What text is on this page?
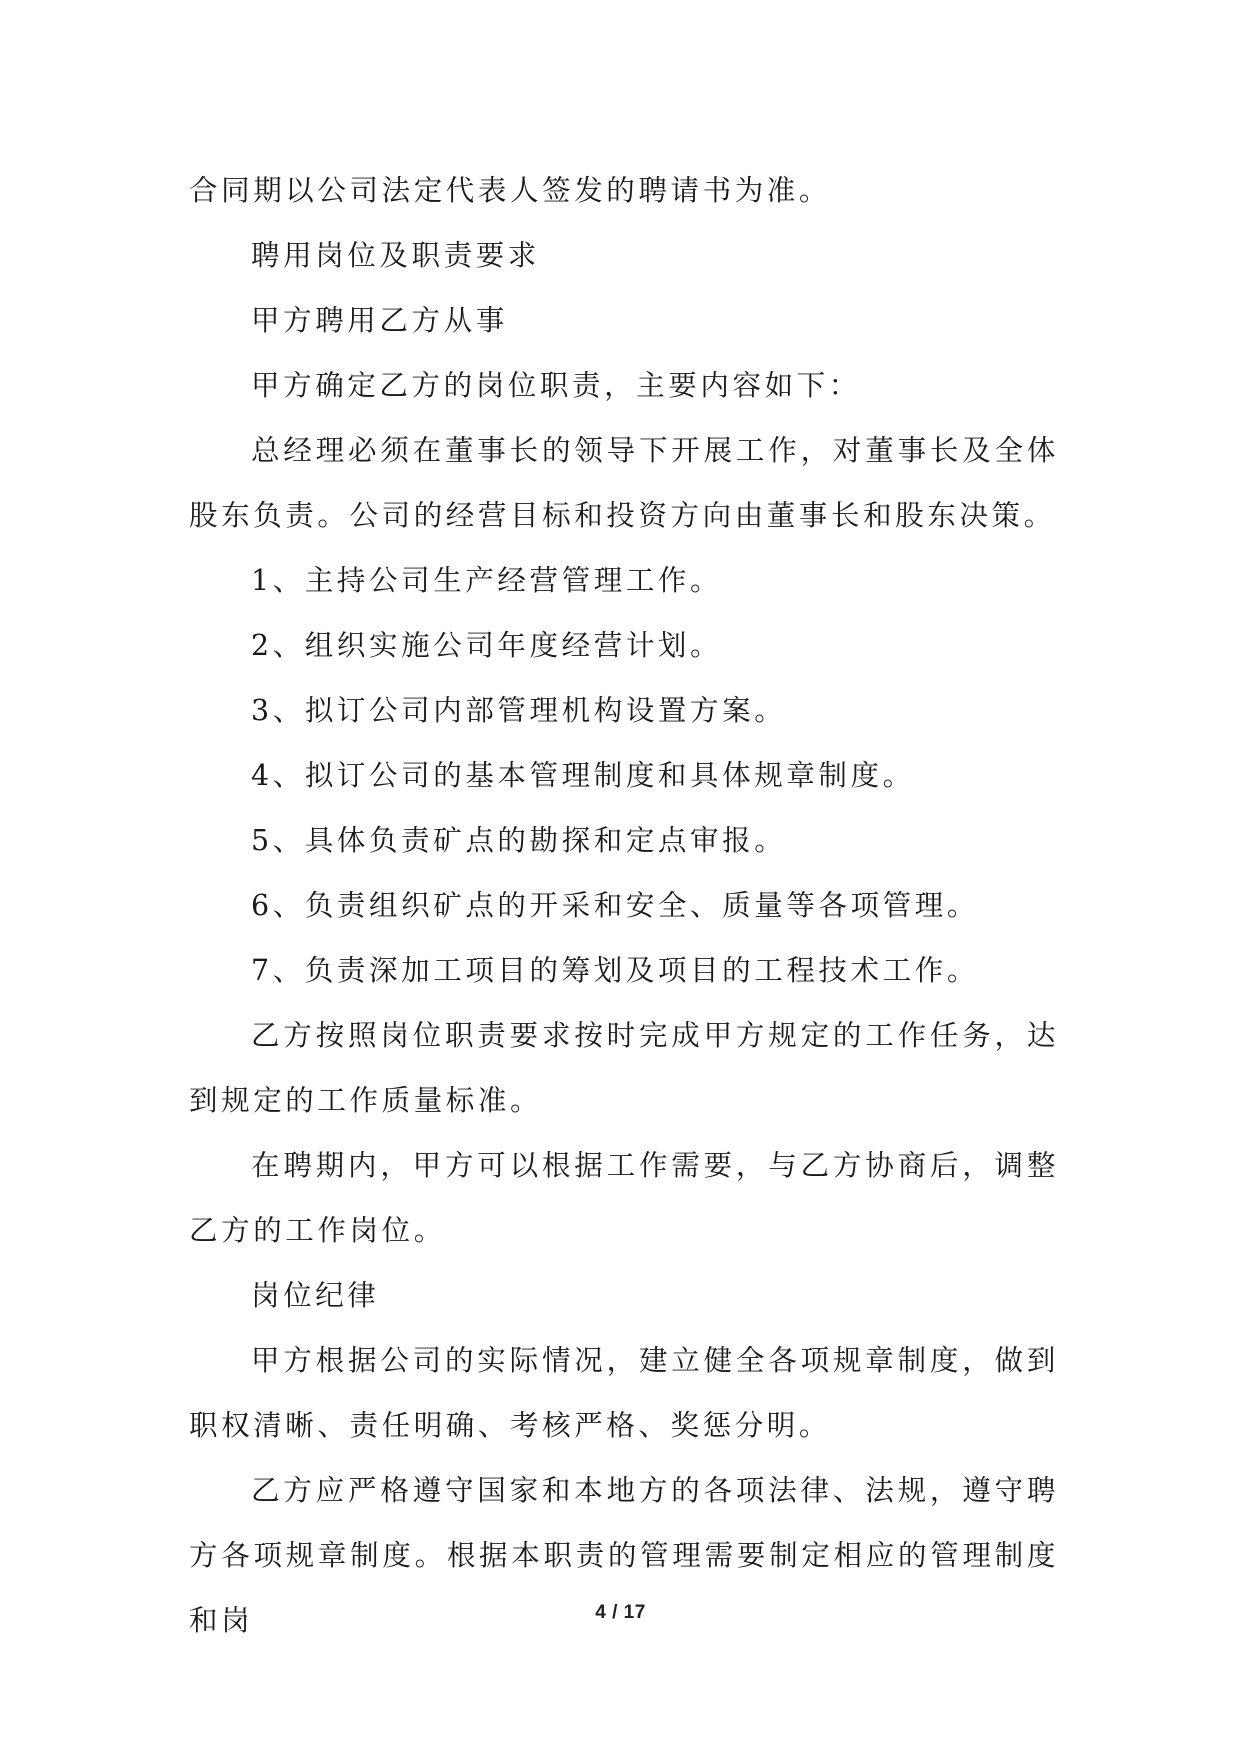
合同期以公司法定代表人签发的聘请书为准。

聘用岗位及职责要求

甲方聘用乙方从事

甲方确定乙方的岗位职责，主要内容如下：

总经理必须在董事长的领导下开展工作，对董事长及全体股东负责。公司的经营目标和投资方向由董事长和股东决策。

1、主持公司生产经营管理工作。

2、组织实施公司年度经营计划。

3、拟订公司内部管理机构设置方案。

4、拟订公司的基本管理制度和具体规章制度。

5、具体负责矿点的勘探和定点审报。

6、负责组织矿点的开采和安全、质量等各项管理。

7、负责深加工项目的筹划及项目的工程技术工作。

乙方按照岗位职责要求按时完成甲方规定的工作任务，达到规定的工作质量标准。

在聘期内，甲方可以根据工作需要，与乙方协商后，调整乙方的工作岗位。

岗位纪律

甲方根据公司的实际情况，建立健全各项规章制度，做到职权清晰、责任明确、考核严格、奖惩分明。

乙方应严格遵守国家和本地方的各项法律、法规，遵守聘方各项规章制度。根据本职责的管理需要制定相应的管理制度和岗	4 / 17
